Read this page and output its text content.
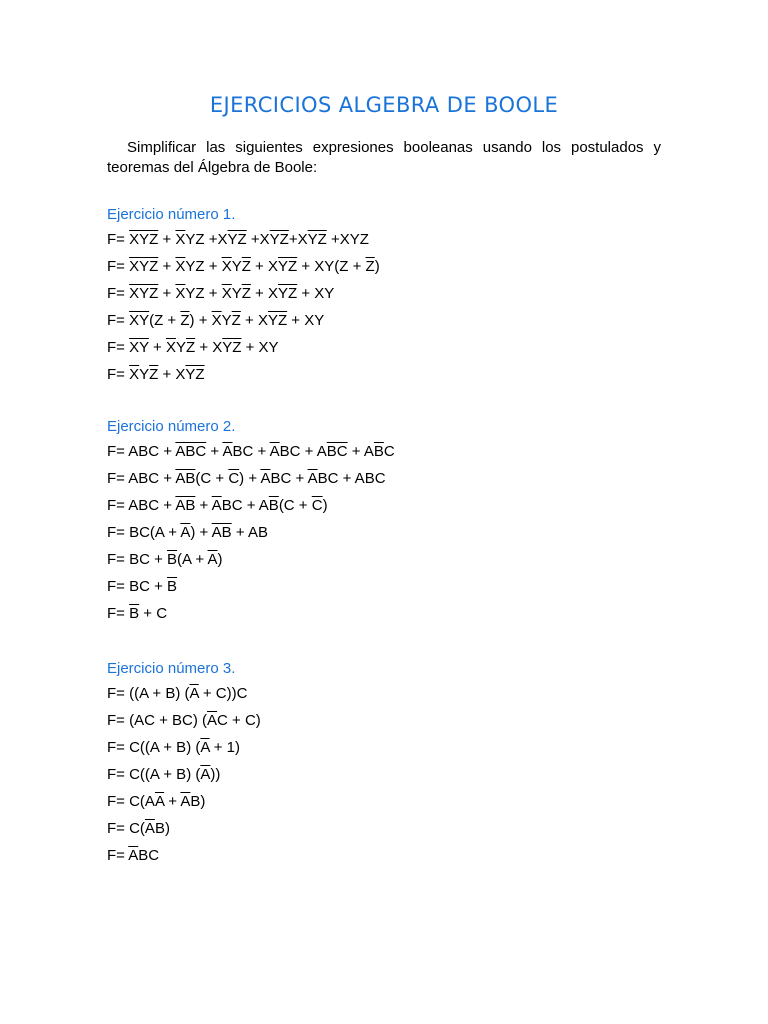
EJERCICIOS ALGEBRA DE BOOLE

Simplificar las siguientes expresiones booleanas usando los postulados y teoremas del Álgebra de Boole:

Ejercicio número 1.
$F= \overline{XYZ} + \overline{X}YZ +X\overline{YZ} +X\overline{YZ}+X\overline{YZ} +XYZ$
$F= \overline{XYZ} + \overline{X}YZ + \overline{X}Y\overline{Z} + X\overline{YZ} + XY(Z + \overline{Z})$
$F= \overline{XYZ} + \overline{X}YZ + \overline{X}Y\overline{Z} + X\overline{YZ}$ + XY
$F= \overline{XY}(Z + \overline{Z}) + \overline{X}Y\overline{Z} + X\overline{YZ}$ + XY
$F= \overline{XY} + \overline{X}Y\overline{Z} + X\overline{YZ}$ + XY
$F= \overline{X}Y\overline{Z} + X\overline{YZ}$
Ejercicio número 2.
F= ABC + $\overline{ABC} + \overline{A}BC + \overline{A}BC + A\overline{BC} + A\overline{B}C$
F= ABC + $\overline{AB}(C + \overline{C}) + \overline{A}BC + \overline{A}BC$ + ABC
F= ABC + $\overline{AB} + \overline{A}BC + A\overline{B}(C + \overline{C})$
$F= BC(A + \overline{A}) + \overline{AB}$ + AB
F= BC + $\overline{B}(A + \overline{A})$
F= BC + $\overline{B}$
$F= \overline{B} + C$
Ejercicio número 3.
F= ((A + B) $(\overline{A} + C))C$
F= (AC + BC) $(\overline{A}C + C)$
F= C((A + B) $(\overline{A} + 1)$
F= C((A + B) $(\overline{A})$)
$F= C(A\overline{A} + \overline{A}B)$
$F= C(\overline{A}B)$
$F= \overline{A}BC$
